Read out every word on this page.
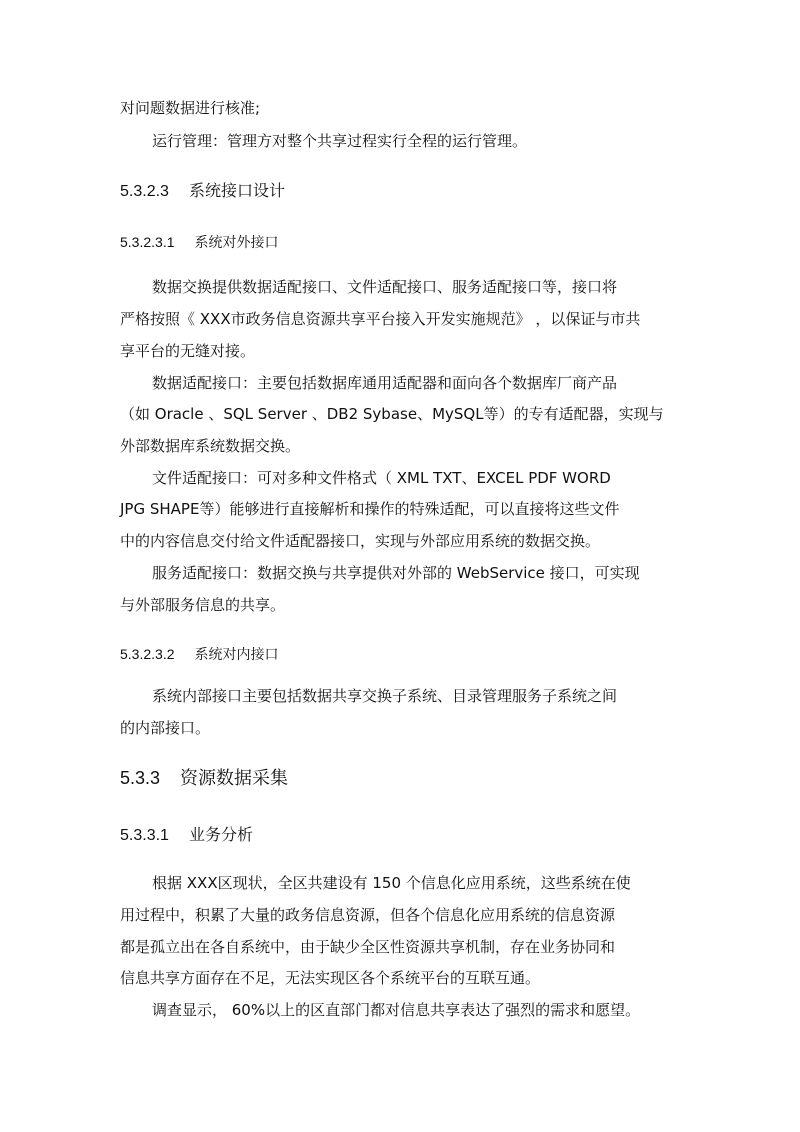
对问题数据进行核准;
运行管理：管理方对整个共享过程实行全程的运行管理。
5.3.2.3 系统接口设计
5.3.2.3.1 系统对外接口
数据交换提供数据适配接口、文件适配接口、服务适配接口等，接口将
严格按照《 XXX市政务信息资源共享平台接入开发实施规范》 ，以保证与市共
享平台的无缝对接。
数据适配接口：主要包括数据库通用适配器和面向各个数据库厂商产品
（如 Oracle 、SQL Server 、DB2 Sybase、MySQL等）的专有适配器，实现与
外部数据库系统数据交换。
文件适配接口：可对多种文件格式（ XML TXT、EXCEL PDF WORD
JPG SHAPE等）能够进行直接解析和操作的特殊适配，可以直接将这些文件
中的内容信息交付给文件适配器接口，实现与外部应用系统的数据交换。
服务适配接口：数据交换与共享提供对外部的 WebService 接口，可实现
与外部服务信息的共享。
5.3.2.3.2 系统对内接口
系统内部接口主要包括数据共享交换子系统、目录管理服务子系统之间
的内部接口。
5.3.3 资源数据采集
5.3.3.1 业务分析
根据 XXX区现状，全区共建设有 150 个信息化应用系统，这些系统在使
用过程中，积累了大量的政务信息资源，但各个信息化应用系统的信息资源
都是孤立出在各自系统中，由于缺少全区性资源共享机制，存在业务协同和
信息共享方面存在不足，无法实现区各个系统平台的互联互通。
调查显示， 60%以上的区直部门都对信息共享表达了强烈的需求和愿望。
